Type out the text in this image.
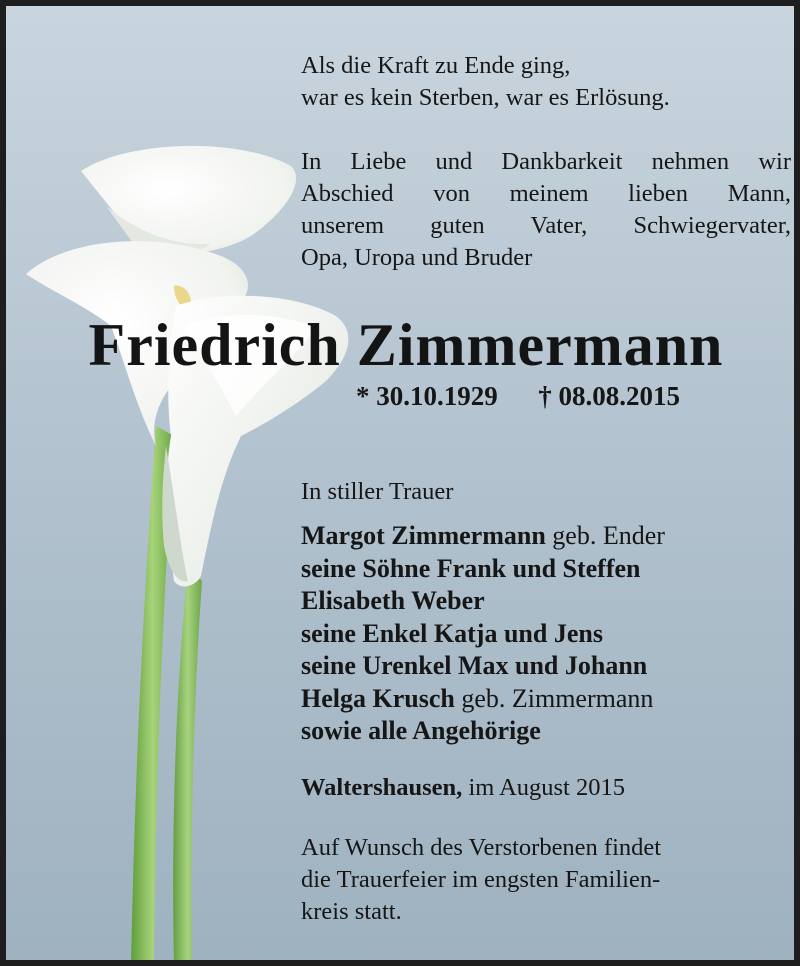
Als die Kraft zu Ende ging,

war es kein Sterben, war es Erlösung.

In Liebe und Dankbarkeit nehmen wir
Abschied von meinem lieben Mann,
unserem guten Vater, Schwiegervater,
Opa, Uropa und Bruder
Friedrich Zimmermann
* 30.10.1929 † 08.08.2015
In stiller Trauer
Margot Zimmermann geb. Ender
seine Söhne Frank und Steffen
Elisabeth Weber
seine Enkel Katja und Jens
seine Urenkel Max und Johann
Helga Krusch geb. Zimmermann
sowie alle Angehörige
Waltershausen, im August 2015
Auf Wunsch des Verstorbenen findet
die Trauerfeier im engsten Familien-
kreis statt.
